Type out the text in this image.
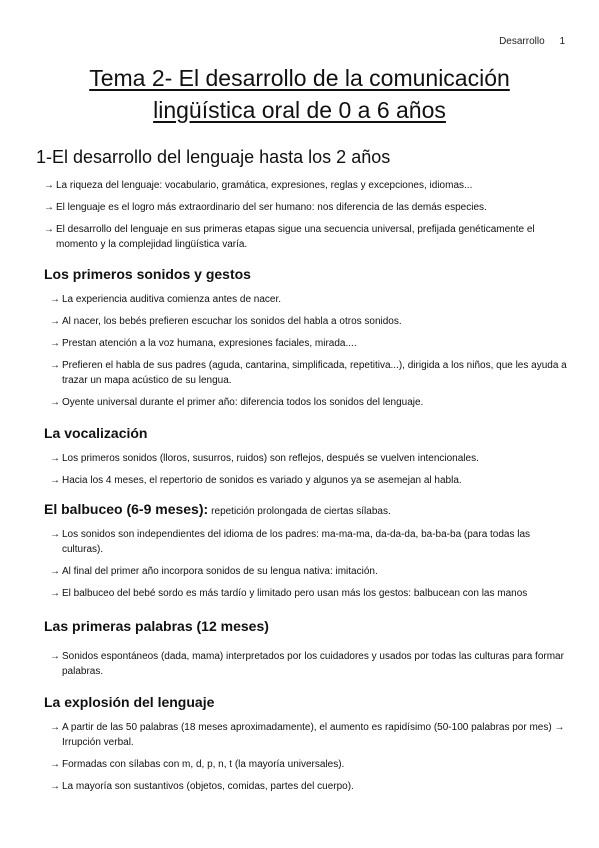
Desarrollo 1
Tema 2- El desarrollo de la comunicación
lingüística oral de 0 a 6 años
1-El desarrollo del lenguaje hasta los 2 años
→ La riqueza del lenguaje: vocabulario, gramática, expresiones, reglas y excepciones, idiomas...
→ El lenguaje es el logro más extraordinario del ser humano: nos diferencia de las demás especies.
→ El desarrollo del lenguaje en sus primeras etapas sigue una secuencia universal, prefijada genéticamente el momento y la complejidad lingüística varía.
Los primeros sonidos y gestos
→ La experiencia auditiva comienza antes de nacer.
→ Al nacer, los bebés prefieren escuchar los sonidos del habla a otros sonidos.
→ Prestan atención a la voz humana, expresiones faciales, mirada....
→ Prefieren el habla de sus padres (aguda, cantarina, simplificada, repetitiva...), dirigida a los niños, que les ayuda a trazar un mapa acústico de su lengua.
→ Oyente universal durante el primer año: diferencia todos los sonidos del lenguaje.
La vocalización
→ Los primeros sonidos (lloros, susurros, ruidos) son reflejos, después se vuelven intencionales.
→ Hacia los 4 meses, el repertorio de sonidos es variado y algunos ya se asemejan al habla.
El balbuceo (6-9 meses): repetición prolongada de ciertas sílabas.
→ Los sonidos son independientes del idioma de los padres: ma-ma-ma, da-da-da, ba-ba-ba (para todas las culturas).
→ Al final del primer año incorpora sonidos de su lengua nativa: imitación.
→ El balbuceo del bebé sordo es más tardío y limitado pero usan más los gestos: balbucean con las manos
Las primeras palabras (12 meses)
→ Sonidos espontáneos (dada, mama) interpretados por los cuidadores y usados por todas las culturas para formar palabras.
La explosión del lenguaje
→ A partir de las 50 palabras (18 meses aproximadamente), el aumento es rapidísimo (50-100 palabras por mes) → Irrupción verbal.
→ Formadas con sílabas con m, d, p, n, t (la mayoría universales).
→ La mayoría son sustantivos (objetos, comidas, partes del cuerpo).
